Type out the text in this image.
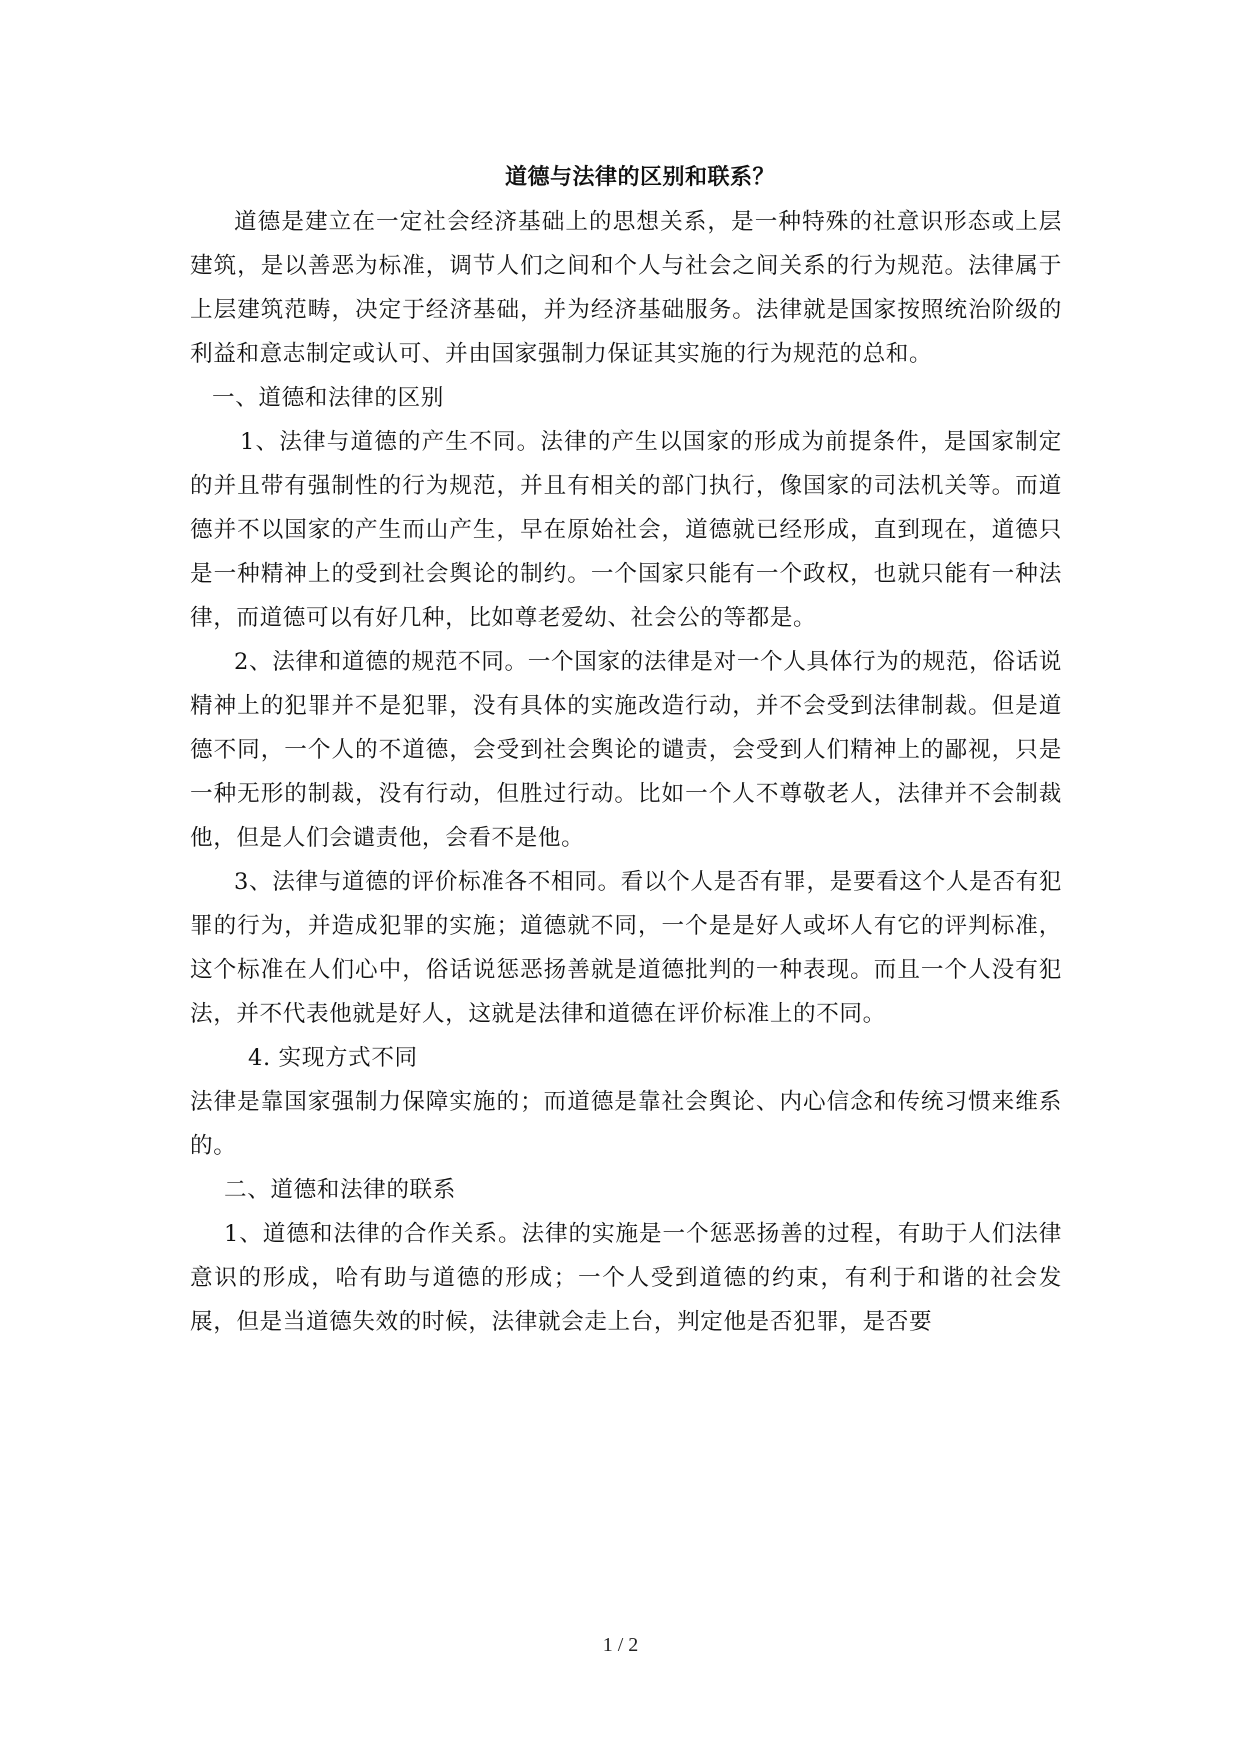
道德与法律的区别和联系？

道德是建立在一定社会经济基础上的思想关系，是一种特殊的社意识形态或上层建筑，是以善恶为标准，调节人们之间和个人与社会之间关系的行为规范。法律属于上层建筑范畴，决定于经济基础，并为经济基础服务。法律就是国家按照统治阶级的利益和意志制定或认可、并由国家强制力保证其实施的行为规范的总和。

一、道德和法律的区别

1、法律与道德的产生不同。法律的产生以国家的形成为前提条件，是国家制定的并且带有强制性的行为规范，并且有相关的部门执行，像国家的司法机关等。而道德并不以国家的产生而山产生，早在原始社会，道德就已经形成，直到现在，道德只是一种精神上的受到社会舆论的制约。一个国家只能有一个政权，也就只能有一种法律，而道德可以有好几种，比如尊老爱幼、社会公的等都是。

2、法律和道德的规范不同。一个国家的法律是对一个人具体行为的规范，俗话说精神上的犯罪并不是犯罪，没有具体的实施改造行动，并不会受到法律制裁。但是道德不同，一个人的不道德，会受到社会舆论的谴责，会受到人们精神上的鄙视，只是一种无形的制裁，没有行动，但胜过行动。比如一个人不尊敬老人，法律并不会制裁他，但是人们会谴责他，会看不是他。

3、法律与道德的评价标准各不相同。看以个人是否有罪，是要看这个人是否有犯罪的行为，并造成犯罪的实施；道德就不同，一个是是好人或坏人有它的评判标准，这个标准在人们心中，俗话说惩恶扬善就是道德批判的一种表现。而且一个人没有犯法，并不代表他就是好人，这就是法律和道德在评价标准上的不同。

4. 实现方式不同

法律是靠国家强制力保障实施的；而道德是靠社会舆论、内心信念和传统习惯来维系的。

二、道德和法律的联系

1、道德和法律的合作关系。法律的实施是一个惩恶扬善的过程，有助于人们法律意识的形成，哈有助与道德的形成；一个人受到道德的约束，有利于和谐的社会发展，但是当道德失效的时候，法律就会走上台，判定他是否犯罪，是否要

1 / 2
